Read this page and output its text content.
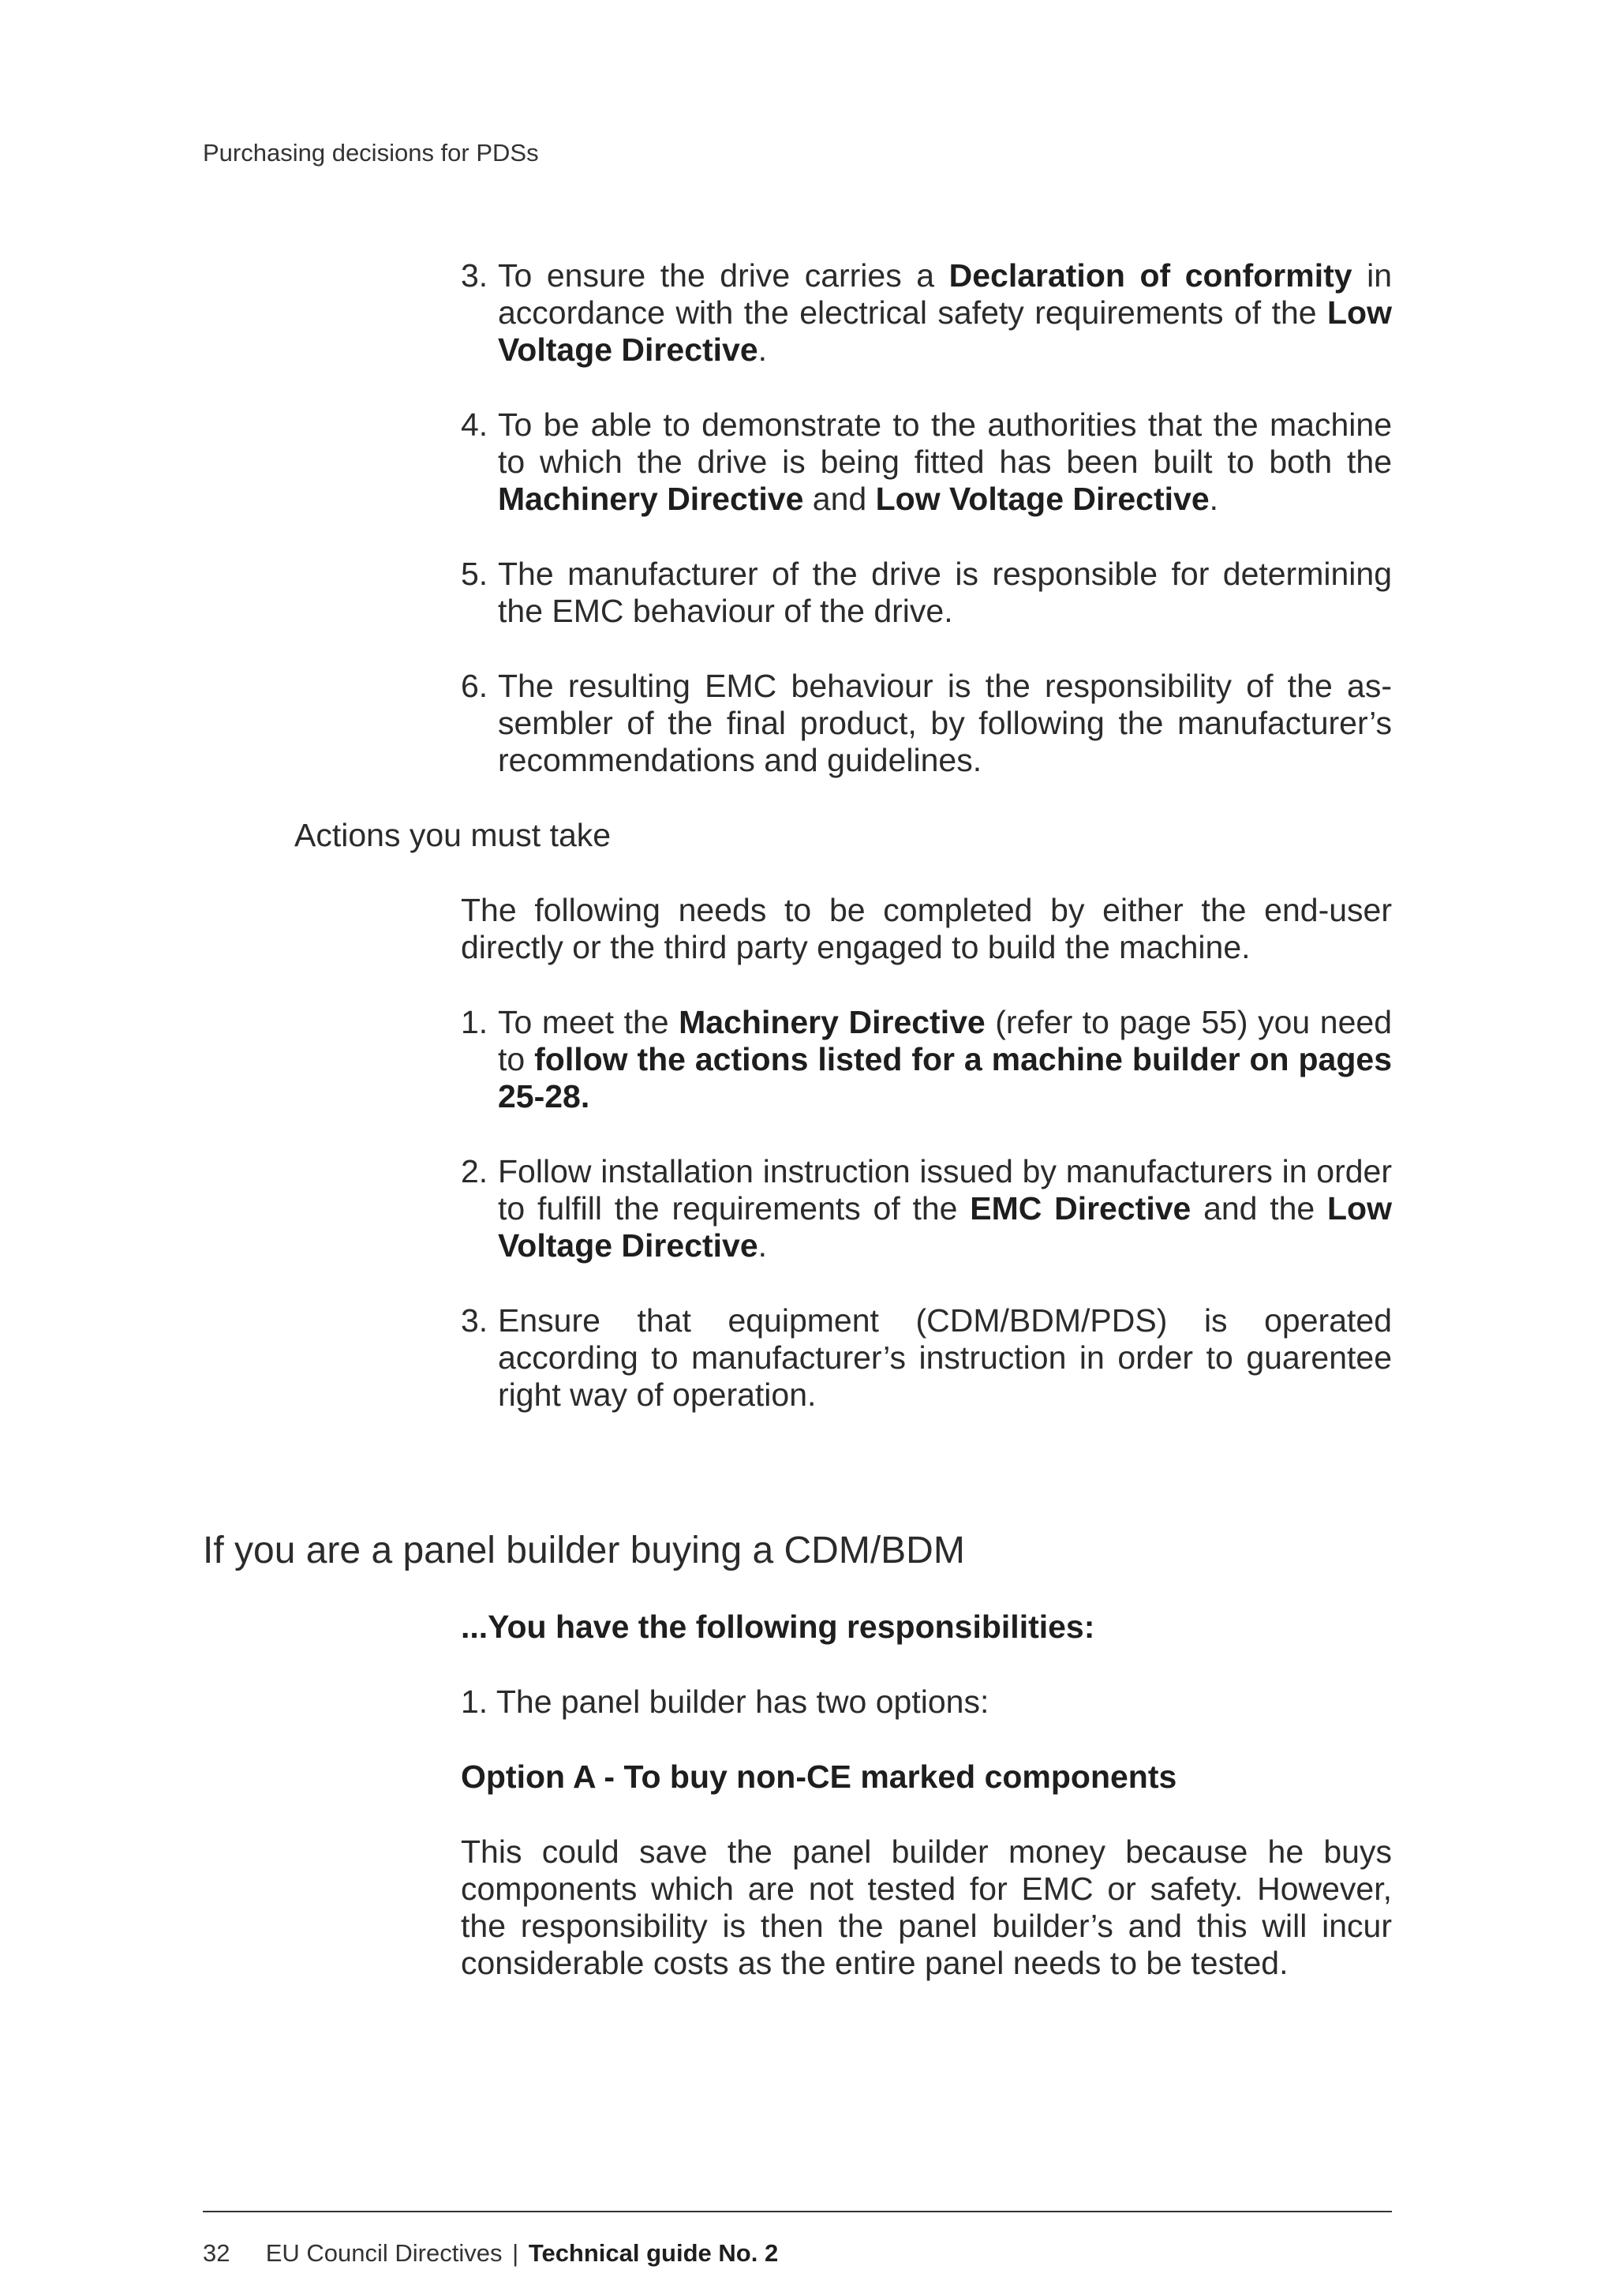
Purchasing decisions for PDSs
3. To ensure the drive carries a Declaration of conformity in accordance with the electrical safety requirements of the Low Voltage Directive.
4. To be able to demonstrate to the authorities that the machine to which the drive is being fitted has been built to both the Machinery Directive and Low Voltage Directive.
5. The manufacturer of the drive is responsible for determining the EMC behaviour of the drive.
6. The resulting EMC behaviour is the responsibility of the assembler of the final product, by following the manufacturer’s recommendations and guidelines.
Actions you must take
The following needs to be completed by either the end-user directly or the third party engaged to build the machine.
1. To meet the Machinery Directive (refer to page 55) you need to follow the actions listed for a machine builder on pages 25-28.
2. Follow installation instruction issued by manufacturers in order to fulfill the requirements of the EMC Directive and the Low Voltage Directive.
3. Ensure that equipment (CDM/BDM/PDS) is operated according to manufacturer’s instruction in order to guarentee right way of operation.
If you are a panel builder buying a CDM/BDM
...You have the following responsibilities:
1. The panel builder has two options:
Option A - To buy non-CE marked components
This could save the panel builder money because he buys components which are not tested for EMC or safety. However, the responsibility is then the panel builder’s and this will incur considerable costs as the entire panel needs to be tested.
32 EU Council Directives | Technical guide No. 2
